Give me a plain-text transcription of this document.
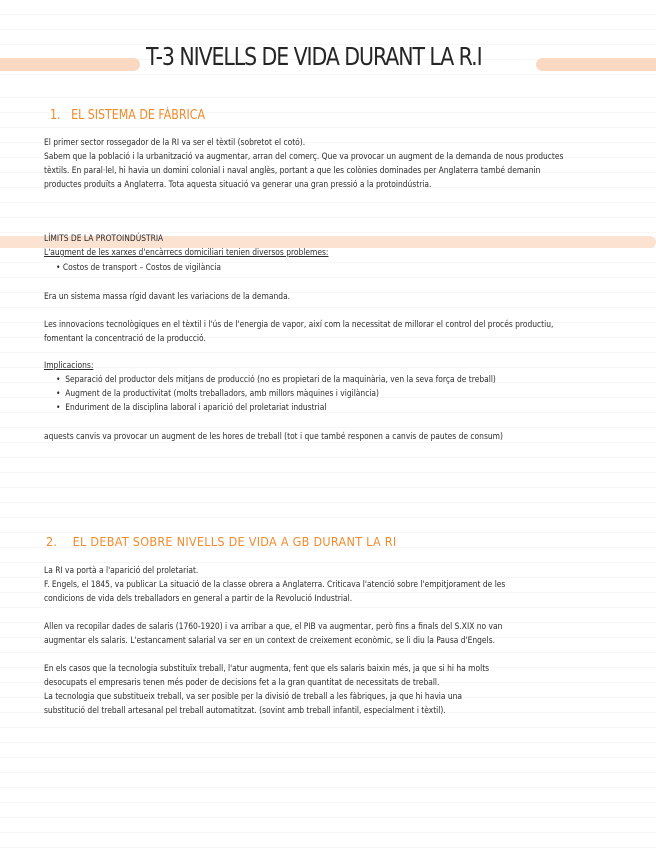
T-3 NIVELLS DE VIDA DURANT LA R.I
1. EL SISTEMA DE FÀBRICA
El primer sector rossegador de la RI va ser el tèxtil (sobretot el cotó).
Sabem que la població i la urbanització va augmentar, arran del comerç. Que va provocar un augment de la demanda de nous productes
tèxtils. En paral·lel, hi havia un domini colonial i naval anglès, portant a que les colònies dominades per Anglaterra també demanin
productes produïts a Anglaterra. Tota aquesta situació va generar una gran pressió a la protoindústria.
LÍMITS DE LA PROTOINDÚSTRIA
L'augment de les xarxes d'encàrrecs domiciliari tenien diversos problemes:
• Costos de transport – Costos de vigilància
Era un sistema massa rígid davant les variacions de la demanda.
Les innovacions tecnològiques en el tèxtil i l'ús de l'energia de vapor, així com la necessitat de millorar el control del procés productiu,
fomentant la concentració de la producció.
Implicacions:
•  Separació del productor dels mitjans de producció (no es propietari de la maquinària, ven la seva força de treball)
•  Augment de la productivitat (molts treballadors, amb millors màquines i vigilància)
•  Enduriment de la disciplina laboral i aparició del proletariat industrial
aquests canvis va provocar un augment de les hores de treball (tot i que també responen a canvis de pautes de consum)
2. EL DEBAT SOBRE NIVELLS DE VIDA A GB DURANT LA RI
La RI va portà a l'aparició del proletariat.
F. Engels, el 1845, va publicar La situació de la classe obrera a Anglaterra. Criticava l'atenció sobre l'empitjorament de les
condicions de vida dels treballadors en general a partir de la Revolució Industrial.
Allen va recopilar dades de salaris (1760-1920) i va arribar a que, el PIB va augmentar, però fins a finals del S.XIX no van
augmentar els salaris. L'estancament salarial va ser en un context de creixement econòmic, se li diu la Pausa d'Engels.
En els casos que la tecnologia substituïx treball, l'atur augmenta, fent que els salaris baixin més, ja que si hi ha molts
desocupats el empresaris tenen més poder de decisions fet a la gran quantitat de necessitats de treball.
La tecnologia que substitueix treball, va ser posible per la divisió de treball a les fàbriques, ja que hi havia una
substitució del treball artesanal pel treball automatitzat. (sovint amb treball infantil, especialment i tèxtil).
